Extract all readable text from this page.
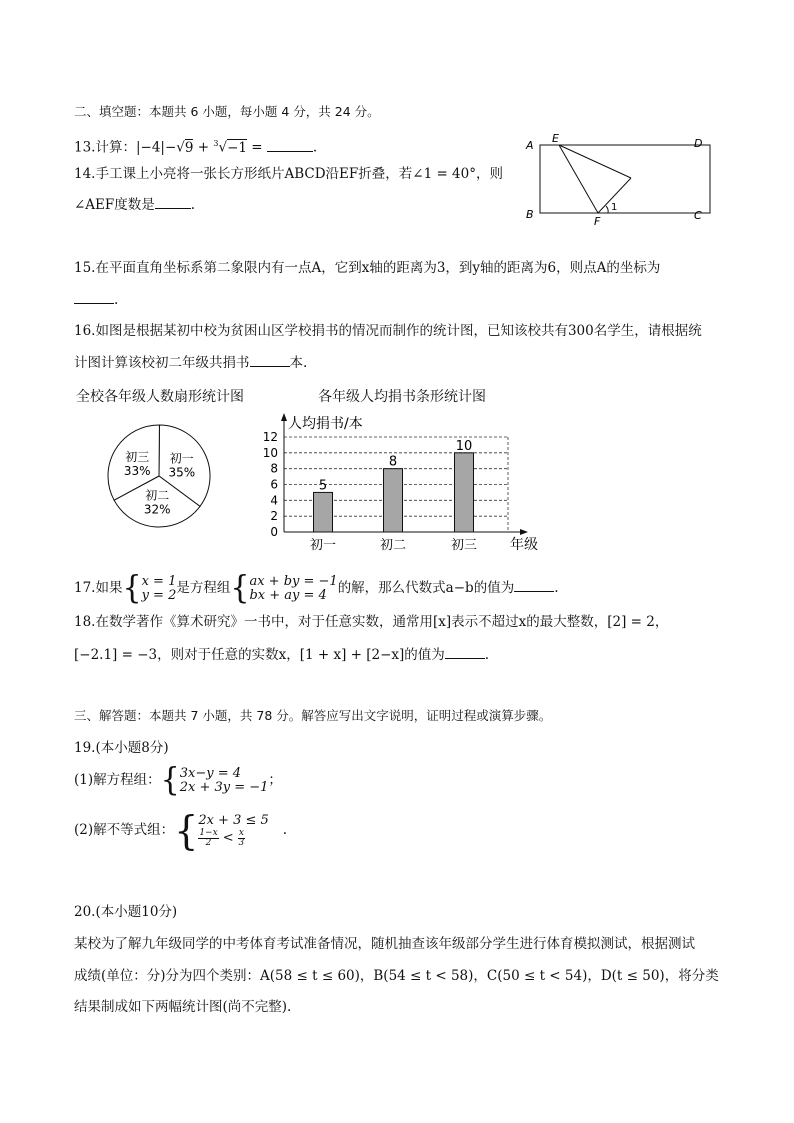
二、填空题：本题共 6 小题，每小题 4 分，共 24 分。
13.计算：|−4|−√9 + $^3$√−1 =	.
14.手工课上小亮将一张长方形纸片ABCD沿EF折叠，若∠1 = 40°，则
∠AEF度数是	.
A
E	D
B
F	C
1
15.在平面直角坐标系第二象限内有一点A，它到x轴的距离为3，到y轴的距离为6，则点A的坐标为
.
16.如图是根据某初中校为贫困山区学校捐书的情况而制作的统计图，已知该校共有300名学生，请根据统
计图计算该校初二年级共捐书	本.
全校各年级人数扇形统计图	各年级人均捐书条形统计图
初一
35%
初二
32%
初三
33%
0
2
4
6
8
10
12
人均捐书/本
年级
5
初一
8
初二
10
初三
17.如果{x = 1
y = 2是方程组{ax + by = −1
bx + ay = 4 的解，那么代数式a−b的值为	.
18.在数学著作《算术研究》一书中，对于任意实数，通常用[x]表示不超过x的最大整数，[2] = 2，
[−2.1] = −3，则对于任意的实数x，[1 + x] + [2−x]的值为	.
三、解答题：本题共 7 小题，共 78 分。解答应写出文字说明，证明过程或演算步骤。
19.(本小题8分)
(1)解方程组：{3x−y = 4
2x + 3y = −1；
(2)解不等式组：{2x + 3 ≤ 5
$\frac{1-x}{2} < \frac{x}{3}$	.
20.(本小题10分)
某校为了解九年级同学的中考体育考试准备情况，随机抽查该年级部分学生进行体育模拟测试，根据测试
成绩(单位：分)分为四个类别：A(58 ≤ t ≤ 60)，B(54 ≤ t < 58)，C(50 ≤ t < 54)，D(t ≤ 50)，将分类
结果制成如下两幅统计图(尚不完整).
